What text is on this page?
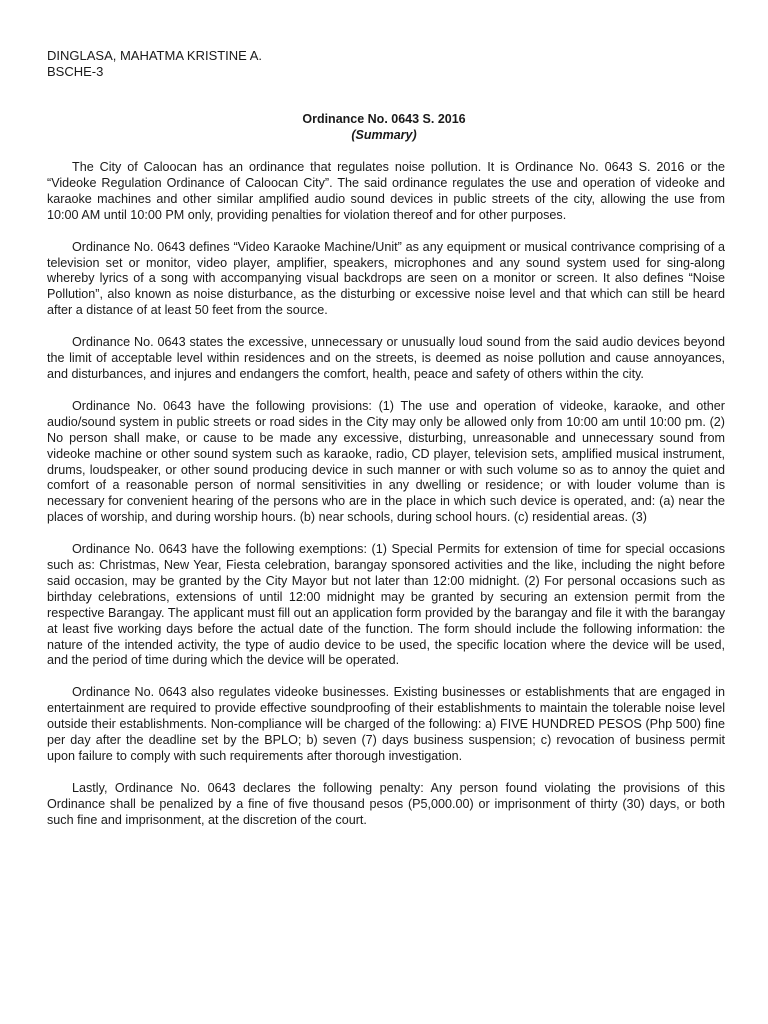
DINGLASA, MAHATMA KRISTINE A.
BSCHE-3
Ordinance No. 0643 S. 2016
(Summary)

The City of Caloocan has an ordinance that regulates noise pollution. It is Ordinance No. 0643 S. 2016 or the “Videoke Regulation Ordinance of Caloocan City”. The said ordinance regulates the use and operation of videoke and karaoke machines and other similar amplified audio sound devices in public streets of the city, allowing the use from 10:00 AM until 10:00 PM only, providing penalties for violation thereof and for other purposes.

Ordinance No. 0643 defines “Video Karaoke Machine/Unit” as any equipment or musical contrivance comprising of a television set or monitor, video player, amplifier, speakers, microphones and any sound system used for sing-along whereby lyrics of a song with accompanying visual backdrops are seen on a monitor or screen. It also defines “Noise Pollution”, also known as noise disturbance, as the disturbing or excessive noise level and that which can still be heard after a distance of at least 50 feet from the source.

Ordinance No. 0643 states the excessive, unnecessary or unusually loud sound from the said audio devices beyond the limit of acceptable level within residences and on the streets, is deemed as noise pollution and cause annoyances, and disturbances, and injures and endangers the comfort, health, peace and safety of others within the city.

Ordinance No. 0643 have the following provisions: (1) The use and operation of videoke, karaoke, and other audio/sound system in public streets or road sides in the City may only be allowed only from 10:00 am until 10:00 pm. (2) No person shall make, or cause to be made any excessive, disturbing, unreasonable and unnecessary sound from videoke machine or other sound system such as karaoke, radio, CD player, television sets, amplified musical instrument, drums, loudspeaker, or other sound producing device in such manner or with such volume so as to annoy the quiet and comfort of a reasonable person of normal sensitivities in any dwelling or residence; or with louder volume than is necessary for convenient hearing of the persons who are in the place in which such device is operated, and: (a) near the places of worship, and during worship hours. (b) near schools, during school hours. (c) residential areas. (3)

Ordinance No. 0643 have the following exemptions: (1) Special Permits for extension of time for special occasions such as: Christmas, New Year, Fiesta celebration, barangay sponsored activities and the like, including the night before said occasion, may be granted by the City Mayor but not later than 12:00 midnight. (2) For personal occasions such as birthday celebrations, extensions of until 12:00 midnight may be granted by securing an extension permit from the respective Barangay. The applicant must fill out an application form provided by the barangay and file it with the barangay at least five working days before the actual date of the function. The form should include the following information: the nature of the intended activity, the type of audio device to be used, the specific location where the device will be used, and the period of time during which the device will be operated.

Ordinance No. 0643 also regulates videoke businesses. Existing businesses or establishments that are engaged in entertainment are required to provide effective soundproofing of their establishments to maintain the tolerable noise level outside their establishments. Non-compliance will be charged of the following: a) FIVE HUNDRED PESOS (Php 500) fine per day after the deadline set by the BPLO; b) seven (7) days business suspension; c) revocation of business permit upon failure to comply with such requirements after thorough investigation.

Lastly, Ordinance No. 0643 declares the following penalty: Any person found violating the provisions of this Ordinance shall be penalized by a fine of five thousand pesos (P5,000.00) or imprisonment of thirty (30) days, or both such fine and imprisonment, at the discretion of the court.
